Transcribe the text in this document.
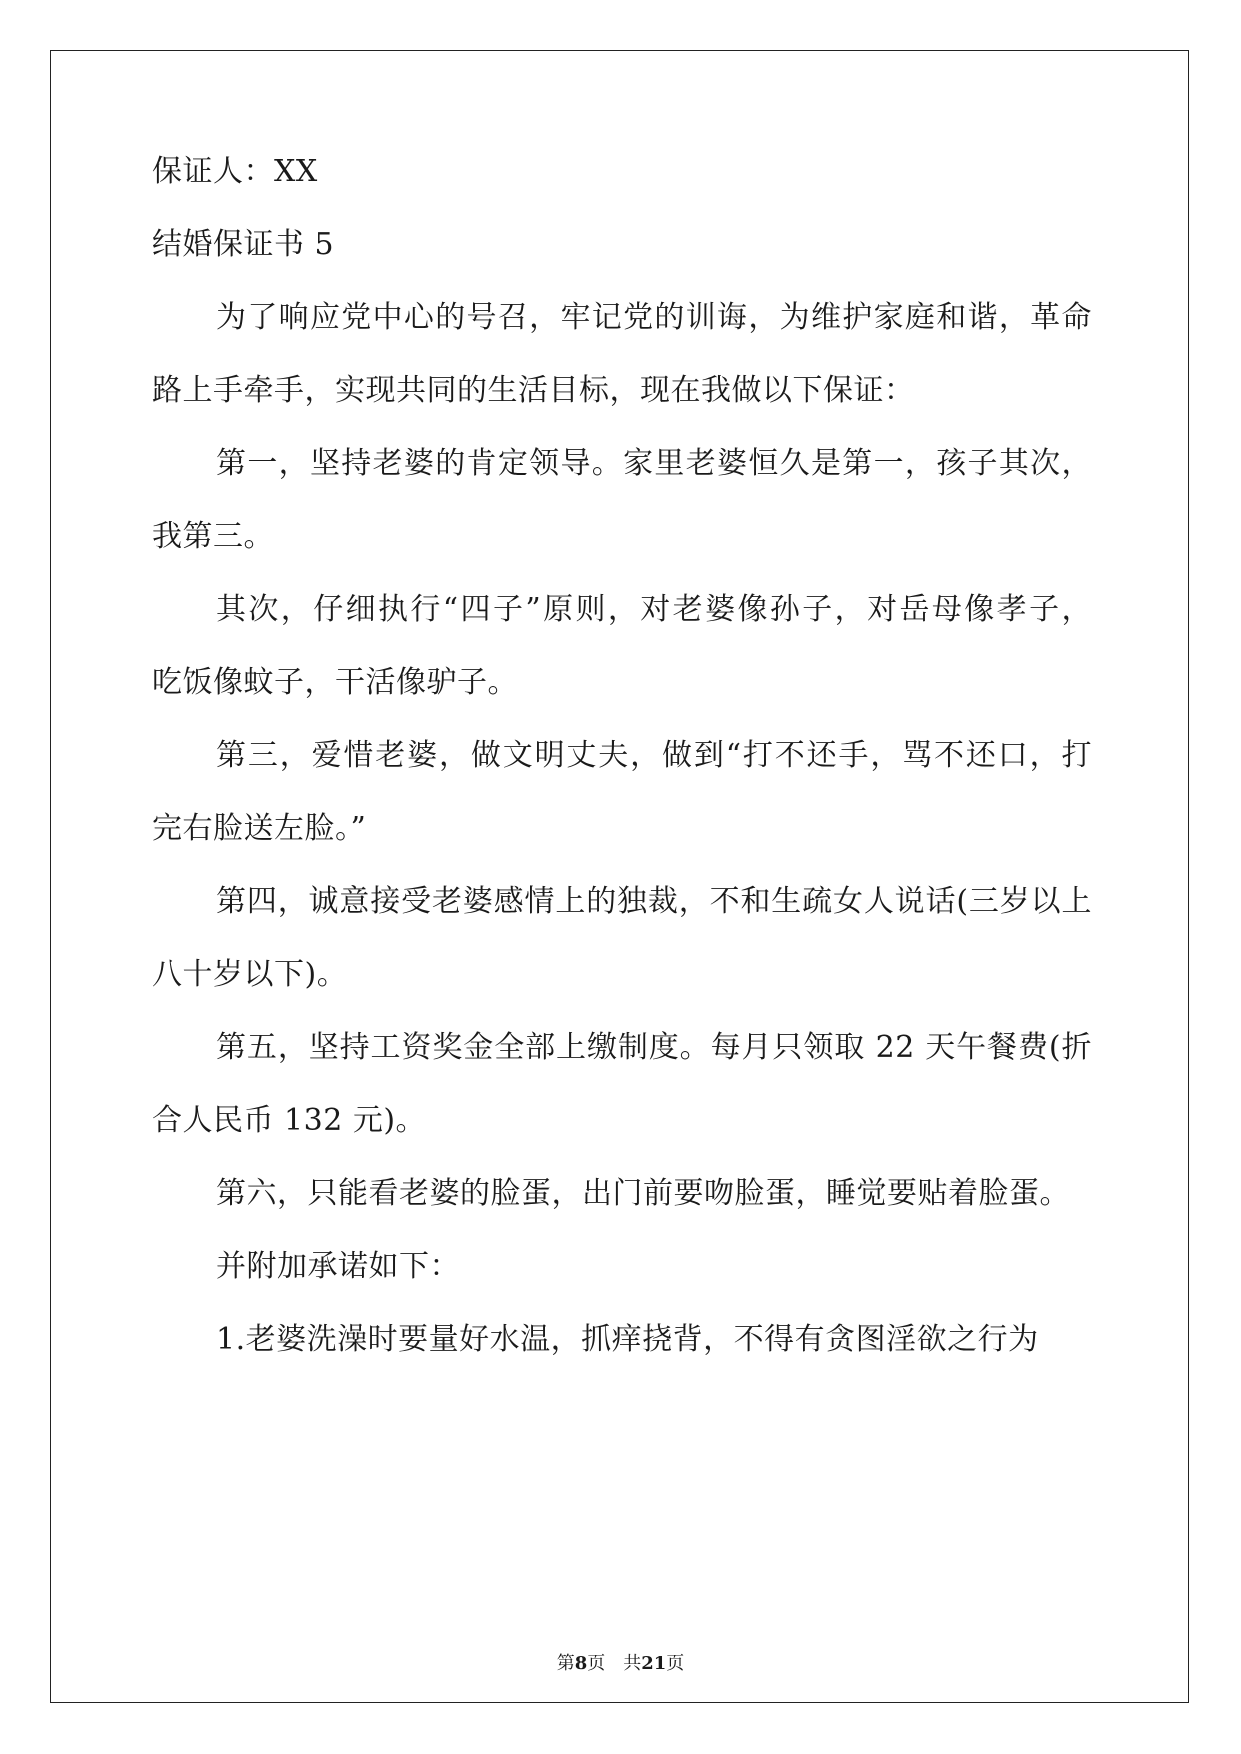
保证人：XX
结婚保证书 5
为了响应党中心的号召，牢记党的训诲，为维护家庭和谐，革命
路上手牵手，实现共同的生活目标，现在我做以下保证：
第一，坚持老婆的肯定领导。家里老婆恒久是第一，孩子其次，
我第三。
其次，仔细执行“四子”原则，对老婆像孙子，对岳母像孝子，
吃饭像蚊子，干活像驴子。
第三，爱惜老婆，做文明丈夫，做到“打不还手，骂不还口，打
完右脸送左脸。”
第四，诚意接受老婆感情上的独裁，不和生疏女人说话(三岁以上
八十岁以下)。
第五，坚持工资奖金全部上缴制度。每月只领取 22 天午餐费(折
合人民币 132 元)。
第六，只能看老婆的脸蛋，出门前要吻脸蛋，睡觉要贴着脸蛋。
并附加承诺如下：
1.老婆洗澡时要量好水温，抓痒挠背，不得有贪图淫欲之行为
第8页 共21页
